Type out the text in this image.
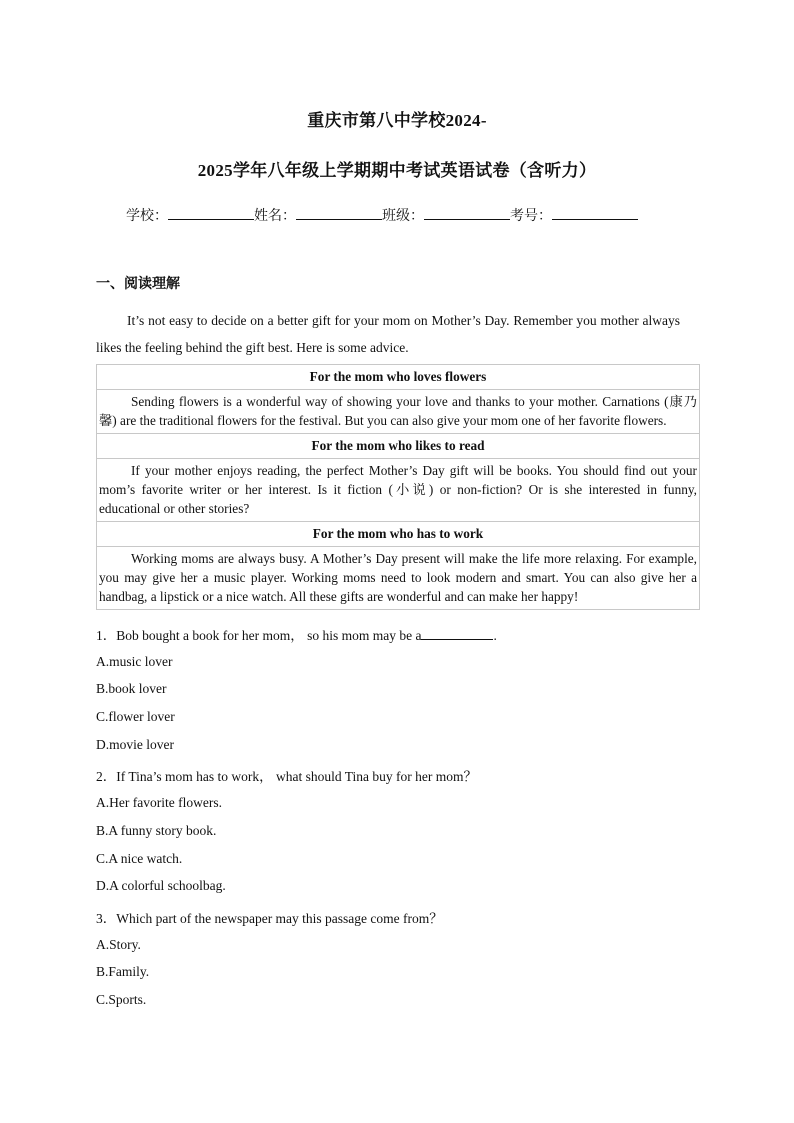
重庆市第八中学校2024-
2025学年八年级上学期期中考试英语试卷（含听力）
学校：	姓名：	班级：	考号：
一、阅读理解
It’s not easy to decide on a better gift for your mom on Mother’s Day. Remember you mother always likes the feeling behind the gift best. Here is some advice.
For the mom who loves flowers
Sending flowers is a wonderful way of showing your love and thanks to your mother. Carnations (康乃馨) are the traditional flowers for the festival. But you can also give your mom one of her favorite flowers.
For the mom who likes to read
If your mother enjoys reading, the perfect Mother’s Day gift will be books. You should find out your mom’s favorite writer or her interest. Is it fiction (小说) or non-fiction? Or is she interested in funny, educational or other stories?
For the mom who has to work
Working moms are always busy. A Mother’s Day present will make the life more relaxing. For example, you may give her a music player. Working moms need to look modern and smart. You can also give her a handbag, a lipstick or a nice watch. All these gifts are wonderful and can make her happy!
1．Bob bought a book for her mom， so his mom may be a	.
A.music lover
B.book lover
C.flower lover
D.movie lover
2．If Tina’s mom has to work， what should Tina buy for her mom？
A.Her favorite flowers.
B.A funny story book.
C.A nice watch.
D.A colorful schoolbag.
3．Which part of the newspaper may this passage come from？
A.Story.
B.Family.
C.Sports.
